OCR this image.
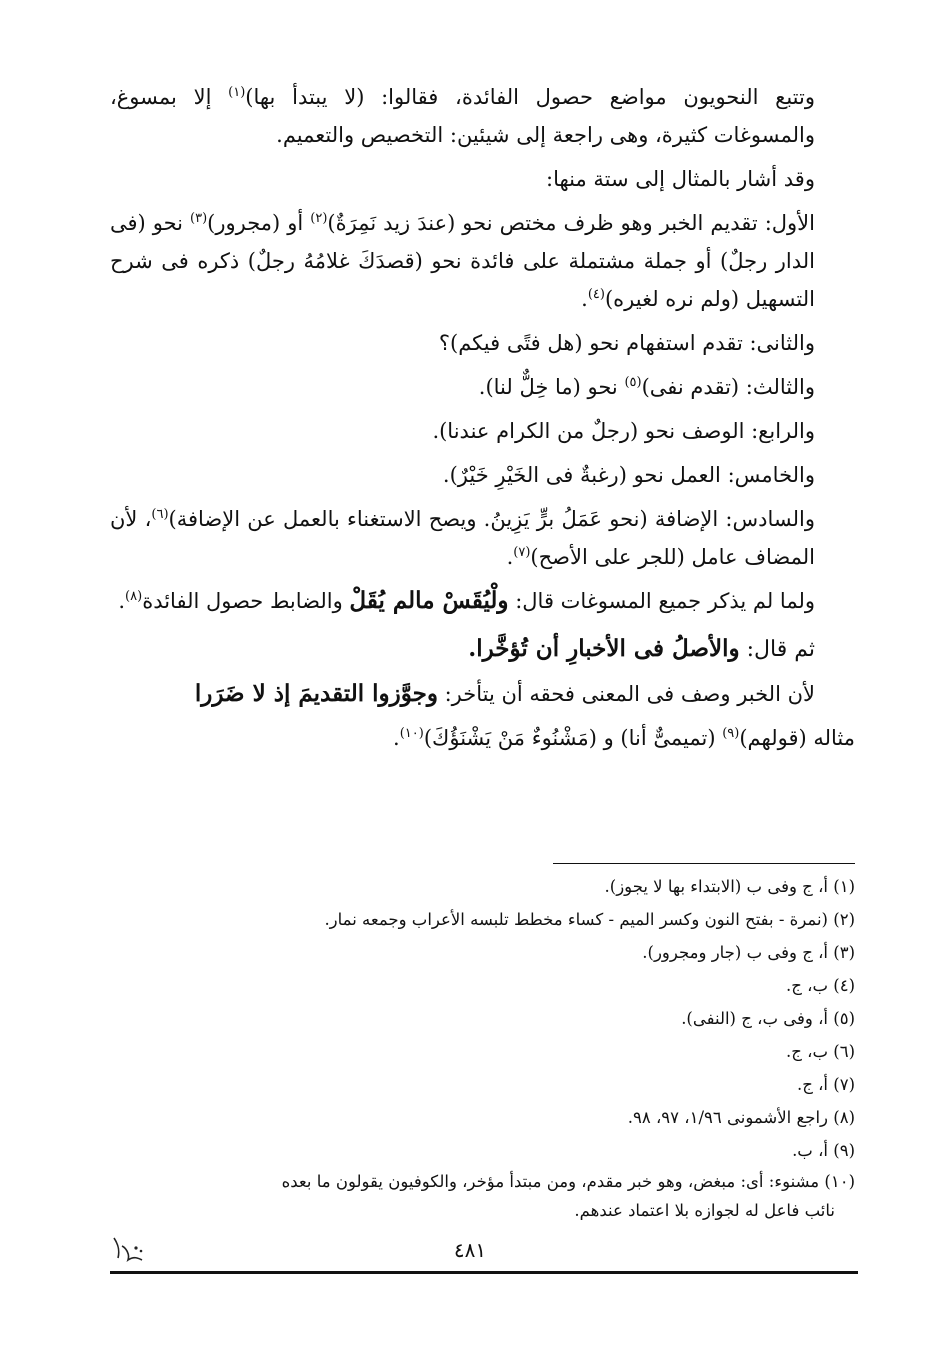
وتتبع النحويون مواضع حصول الفائدة، فقالوا: (لا يبتدأ بها)$^{(١)}$ إلا بمسوغ، والمسوغات كثيرة، وهى راجعة إلى شيئين: التخصيص والتعميم.

وقد أشار بالمثال إلى ستة منها:

الأول: تقديم الخبر وهو ظرف مختص نحو (عندَ زيد نَمِرَةٌ)$^{(٢)}$ أو (مجرور)$^{(٣)}$ نحو (فى الدار رجلٌ) أو جملة مشتملة على فائدة نحو (قصدَكَ غلامُهُ رجلٌ) ذكره فى شرح التسهيل (ولم نره لغيره)$^{(٤)}$.

والثانى: تقدم استفهام نحو (هل فتًى فيكم)؟

والثالث: (تقدم نفى)$^{(٥)}$ نحو (ما خِلٌّ لنا).

والرابع: الوصف نحو (رجلٌ من الكرام عندنا).

والخامس: العمل نحو (رغبةٌ فى الخَيْرِ خَيْرٌ).

والسادس: الإضافة (نحو عَمَلُ برٍّ يَزِينُ. ويصح الاستغناء بالعمل عن الإضافة)$^{(٦)}$، لأن المضاف عامل (للجر على الأصح)$^{(٧)}$.

ولما لم يذكر جميع المسوغات قال: ولْيُقَسْ مالم يُقَلْ والضابط حصول الفائدة$^{(٨)}$.

ثم قال: والأصلُ فى الأخبارِ أن تُؤخَّرا.

لأن الخبر وصف فى المعنى فحقه أن يتأخر: وجوَّزوا التقديمَ إذ لا ضَرَرا

مثاله (قولهم)$^{(٩)}$ (تميمىٌّ أنا) و (مَشْنُوءٌ مَنْ يَشْنَؤُكَ)$^{(١٠)}$.

(١) أ، ج وفى ب (الابتداء بها لا يجوز).

(٢) (نمرة - بفتح النون وكسر الميم - كساء مخطط تلبسه الأعراب وجمعه نمار.

(٣) أ، ج وفى ب (جار ومجرور).

(٤) ب، ج.

(٥) أ، وفى ب، ج (النفى).

(٦) ب، ج.

(٧) أ، ج.

(٨) راجع الأشمونى ١/٩٦، ٩٧، ٩٨.

(٩) أ، ب.

(١٠) مشنوء: أى: مبغض، وهو خبر مقدم، ومن مبتدأ مؤخر، والكوفيون يقولون ما بعده
نائب فاعل له لجوازه بلا اعتماد عندهم.

٤٨١
